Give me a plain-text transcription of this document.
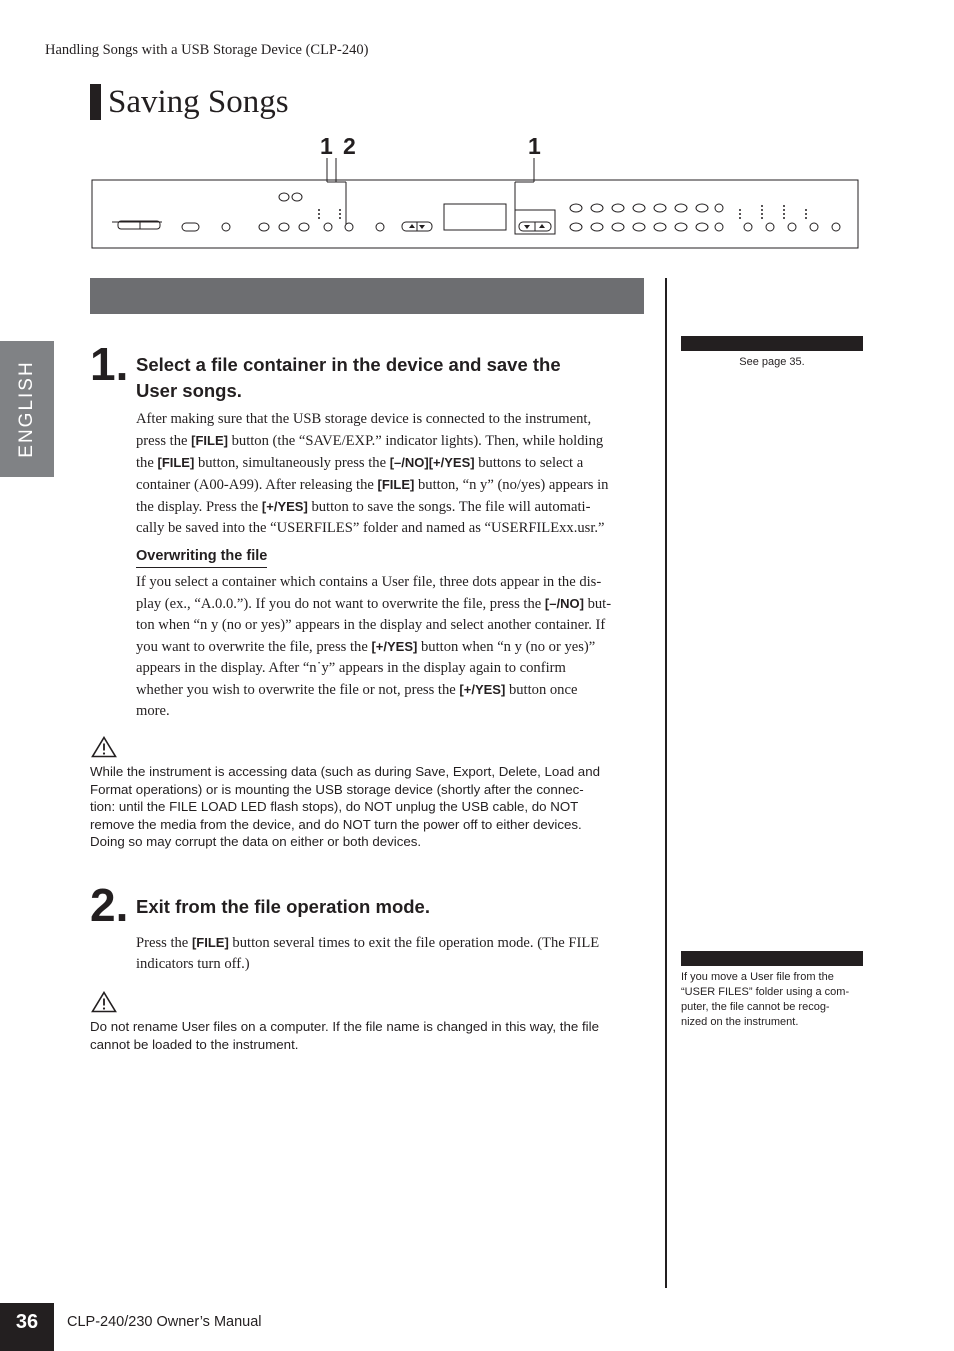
Handling Songs with a USB Storage Device (CLP-240)
Saving Songs
1 2	1
ENGLISH 1. Select a file container in the device and save the
User songs.
After making sure that the USB storage device is connected to the instrument,
press the [FILE] button (the “SAVE/EXP.” indicator lights). Then, while holding
the [FILE] button, simultaneously press the [–/NO][+/YES] buttons to select a
container (A00-A99). After releasing the [FILE] button, “n y” (no/yes) appears in
the display. Press the [+/YES] button to save the songs. The file will automati-
cally be saved into the “USERFILES” folder and named as “USERFILExx.usr.”
Overwriting the file
If you select a container which contains a User file, three dots appear in the dis-
play (ex., “A.0.0.”). If you do not want to overwrite the file, press the [–/NO] but-
ton when “n y (no or yes)” appears in the display and select another container. If
you want to overwrite the file, press the [+/YES] button when “n y (no or yes)”
appears in the display. After “n˙y” appears in the display again to confirm
whether you wish to overwrite the file or not, press the [+/YES] button once
more.
While the instrument is accessing data (such as during Save, Export, Delete, Load and
Format operations) or is mounting the USB storage device (shortly after the connec-
tion: until the FILE LOAD LED flash stops), do NOT unplug the USB cable, do NOT
remove the media from the device, and do NOT turn the power off to either devices.
Doing so may corrupt the data on either or both devices.
2. Exit from the file operation mode.
Press the [FILE] button several times to exit the file operation mode. (The FILE
indicators turn off.)
Do not rename User files on a computer. If the file name is changed in this way, the file
cannot be loaded to the instrument.
See page 35.
If you move a User file from the
“USER FILES” folder using a com-
puter, the file cannot be recog-
nized on the instrument.
36	CLP-240/230 Owner’s Manual
